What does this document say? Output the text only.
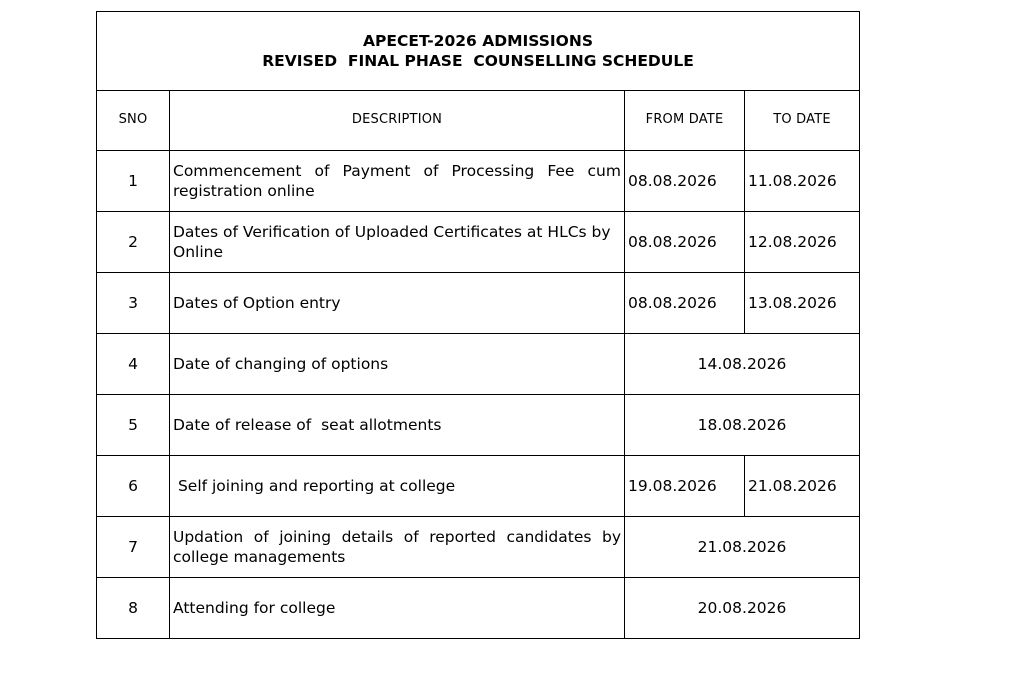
APECET-2026 ADMISSIONS
REVISED  FINAL PHASE  COUNSELLING SCHEDULE			

SNO	DESCRIPTION	FROM DATE	TO DATE
1	Commencement of Payment of Processing Fee cum registration online	08.08.2026	11.08.2026
2	Dates of Verification of Uploaded Certificates at HLCs by Online	08.08.2026	12.08.2026
3	Dates of Option entry	08.08.2026	13.08.2026
4	Date of changing of options	14.08.2026	
5	Date of release of  seat allotments	18.08.2026	
6	Self joining and reporting at college	19.08.2026	21.08.2026
7	Updation of joining details of reported candidates by college managements	21.08.2026	
8	Attending for college	20.08.2026	
